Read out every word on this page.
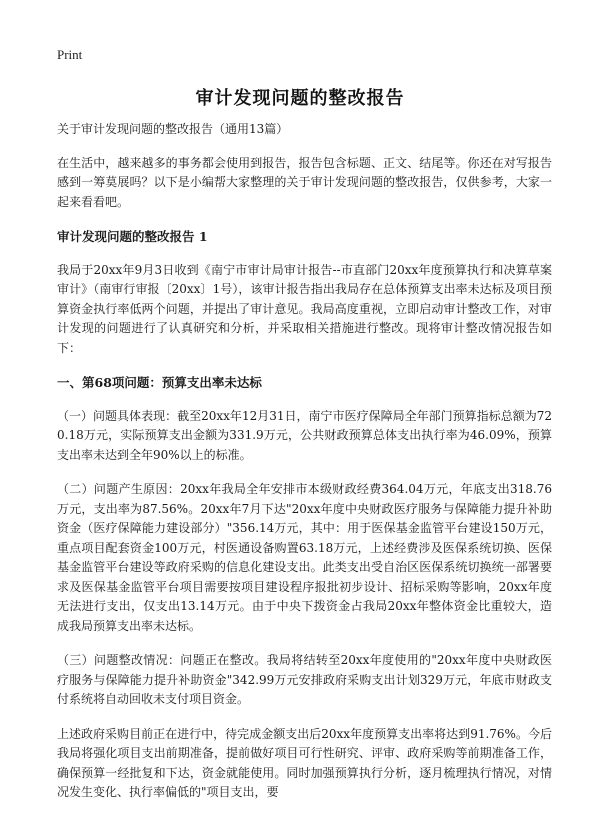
Print
审计发现问题的整改报告

关于审计发现问题的整改报告（通用13篇）

在生活中，越来越多的事务都会使用到报告，报告包含标题、正文、结尾等。你还在对写报告感到一筹莫展吗？以下是小编帮大家整理的关于审计发现问题的整改报告，仅供参考，大家一起来看看吧。

审计发现问题的整改报告 1

我局于20xx年9月3日收到《南宁市审计局审计报告--市直部门20xx年度预算执行和决算草案审计》（南审行审报〔20xx〕1号），该审计报告指出我局存在总体预算支出率未达标及项目预算资金执行率低两个问题，并提出了审计意见。我局高度重视，立即启动审计整改工作，对审计发现的问题进行了认真研究和分析，并采取相关措施进行整改。现将审计整改情况报告如下：

一、第68项问题：预算支出率未达标

（一）问题具体表现：截至20xx年12月31日，南宁市医疗保障局全年部门预算指标总额为720.18万元，实际预算支出金额为331.9万元，公共财政预算总体支出执行率为46.09%，预算支出率未达到全年90%以上的标准。

（二）问题产生原因：20xx年我局全年安排市本级财政经费364.04万元，年底支出318.76万元，支出率为87.56%。20xx年7月下达"20xx年度中央财政医疗服务与保障能力提升补助资金（医疗保障能力建设部分）"356.14万元，其中：用于医保基金监管平台建设150万元，重点项目配套资金100万元，村医通设备购置63.18万元，上述经费涉及医保系统切换、医保基金监管平台建设等政府采购的信息化建设支出。此类支出受自治区医保系统切换统一部署要求及医保基金监管平台项目需要按项目建设程序报批初步设计、招标采购等影响，20xx年度无法进行支出，仅支出13.14万元。由于中央下拨资金占我局20xx年整体资金比重较大，造成我局预算支出率未达标。

（三）问题整改情况：问题正在整改。我局将结转至20xx年度使用的"20xx年度中央财政医疗服务与保障能力提升补助资金"342.99万元安排政府采购支出计划329万元，年底市财政支付系统将自动回收未支付项目资金。

上述政府采购目前正在进行中，待完成金额支出后20xx年度预算支出率将达到91.76%。今后我局将强化项目支出前期准备，提前做好项目可行性研究、评审、政府采购等前期准备工作，确保预算一经批复和下达，资金就能使用。同时加强预算执行分析，逐月梳理执行情况，对情况发生变化、执行率偏低的"项目支出，要
